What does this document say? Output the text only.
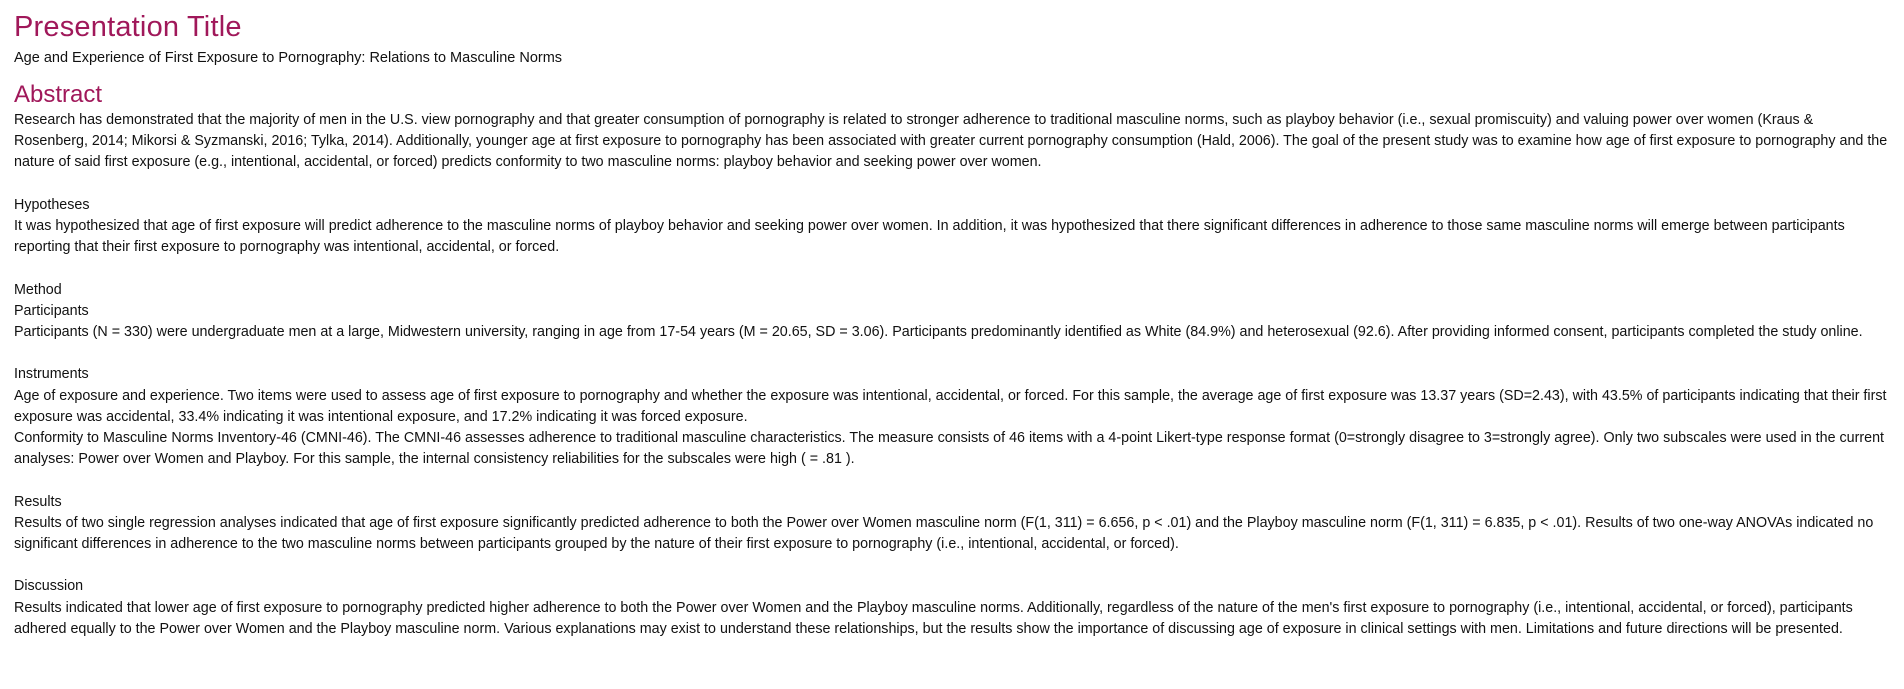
Presentation Title
Age and Experience of First Exposure to Pornography: Relations to Masculine Norms
Abstract

Research has demonstrated that the majority of men in the U.S. view pornography and that greater consumption of pornography is related to stronger adherence to traditional masculine norms, such as playboy behavior (i.e., sexual promiscuity) and valuing power over women (Kraus & Rosenberg, 2014; Mikorsi & Syzmanski, 2016; Tylka, 2014). Additionally, younger age at first exposure to pornography has been associated with greater current pornography consumption (Hald, 2006). The goal of the present study was to examine how age of first exposure to pornography and the nature of said first exposure (e.g., intentional, accidental, or forced) predicts conformity to two masculine norms: playboy behavior and seeking power over women.

Hypotheses

It was hypothesized that age of first exposure will predict adherence to the masculine norms of playboy behavior and seeking power over women. In addition, it was hypothesized that there significant differences in adherence to those same masculine norms will emerge between participants reporting that their first exposure to pornography was intentional, accidental, or forced.

Method

Participants

Participants (N = 330) were undergraduate men at a large, Midwestern university, ranging in age from 17-54 years (M = 20.65, SD = 3.06). Participants predominantly identified as White (84.9%) and heterosexual (92.6). After providing informed consent, participants completed the study online.

Instruments

Age of exposure and experience. Two items were used to assess age of first exposure to pornography and whether the exposure was intentional, accidental, or forced. For this sample, the average age of first exposure was 13.37 years (SD=2.43), with 43.5% of participants indicating that their first exposure was accidental, 33.4% indicating it was intentional exposure, and 17.2% indicating it was forced exposure.

Conformity to Masculine Norms Inventory-46 (CMNI-46). The CMNI-46 assesses adherence to traditional masculine characteristics. The measure consists of 46 items with a 4-point Likert-type response format (0=strongly disagree to 3=strongly agree). Only two subscales were used in the current analyses: Power over Women and Playboy. For this sample, the internal consistency reliabilities for the subscales were high ( = .81 ).

Results

Results of two single regression analyses indicated that age of first exposure significantly predicted adherence to both the Power over Women masculine norm (F(1, 311) = 6.656, p < .01) and the Playboy masculine norm (F(1, 311) = 6.835, p < .01). Results of two one-way ANOVAs indicated no significant differences in adherence to the two masculine norms between participants grouped by the nature of their first exposure to pornography (i.e., intentional, accidental, or forced).

Discussion

Results indicated that lower age of first exposure to pornography predicted higher adherence to both the Power over Women and the Playboy masculine norms. Additionally, regardless of the nature of the men's first exposure to pornography (i.e., intentional, accidental, or forced), participants adhered equally to the Power over Women and the Playboy masculine norm. Various explanations may exist to understand these relationships, but the results show the importance of discussing age of exposure in clinical settings with men. Limitations and future directions will be presented.
